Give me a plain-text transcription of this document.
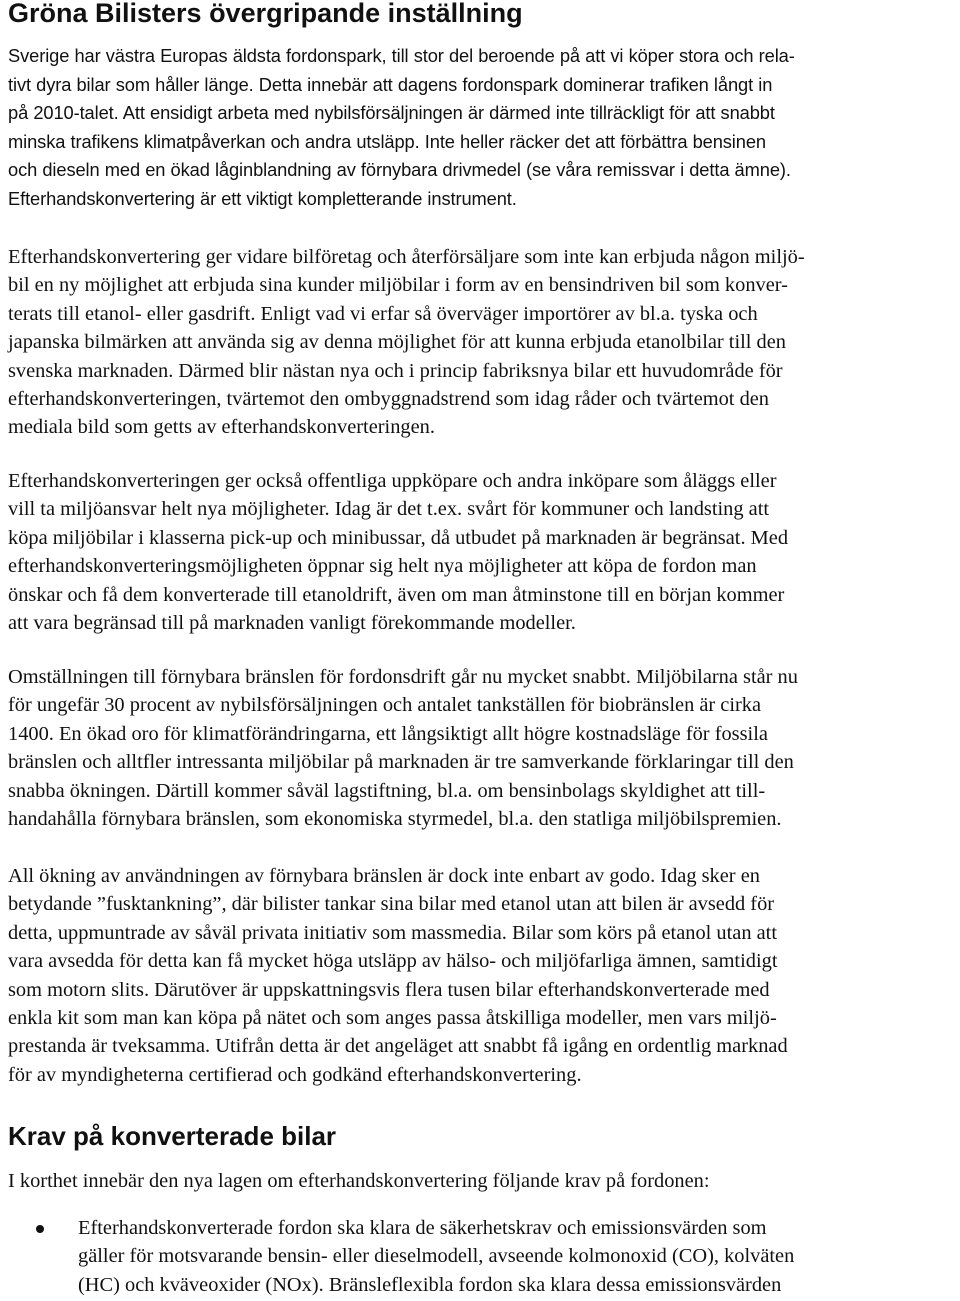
Gröna Bilisters övergripande inställning
Sverige har västra Europas äldsta fordonspark, till stor del beroende på att vi köper stora och rela-
tivt dyra bilar som håller länge. Detta innebär att dagens fordonspark dominerar trafiken långt in
på 2010-talet. Att ensidigt arbeta med nybilsförsäljningen är därmed inte tillräckligt för att snabbt
minska trafikens klimatpåverkan och andra utsläpp. Inte heller räcker det att förbättra bensinen
och dieseln med en ökad låginblandning av förnybara drivmedel (se våra remissvar i detta ämne).
Efterhandskonvertering är ett viktigt kompletterande instrument.
Efterhandskonvertering ger vidare bilföretag och återförsäljare som inte kan erbjuda någon miljö-
bil en ny möjlighet att erbjuda sina kunder miljöbilar i form av en bensindriven bil som konver-
terats till etanol- eller gasdrift. Enligt vad vi erfar så överväger importörer av bl.a. tyska och
japanska bilmärken att använda sig av denna möjlighet för att kunna erbjuda etanolbilar till den
svenska marknaden. Därmed blir nästan nya och i princip fabriksnya bilar ett huvudområde för
efterhandskonverteringen, tvärtemot den ombyggnadstrend som idag råder och tvärtemot den
mediala bild som getts av efterhandskonverteringen.
Efterhandskonverteringen ger också offentliga uppköpare och andra inköpare som åläggs eller
vill ta miljöansvar helt nya möjligheter. Idag är det t.ex. svårt för kommuner och landsting att
köpa miljöbilar i klasserna pick-up och minibussar, då utbudet på marknaden är begränsat. Med
efterhandskonverteringsmöjligheten öppnar sig helt nya möjligheter att köpa de fordon man
önskar och få dem konverterade till etanoldrift, även om man åtminstone till en början kommer
att vara begränsad till på marknaden vanligt förekommande modeller.
Omställningen till förnybara bränslen för fordonsdrift går nu mycket snabbt. Miljöbilarna står nu
för ungefär 30 procent av nybilsförsäljningen och antalet tankställen för biobränslen är cirka
1400. En ökad oro för klimatförändringarna, ett långsiktigt allt högre kostnadsläge för fossila
bränslen och alltfler intressanta miljöbilar på marknaden är tre samverkande förklaringar till den
snabba ökningen. Därtill kommer såväl lagstiftning, bl.a. om bensinbolags skyldighet att till-
handahålla förnybara bränslen, som ekonomiska styrmedel, bl.a. den statliga miljöbilspremien.
All ökning av användningen av förnybara bränslen är dock inte enbart av godo. Idag sker en
betydande ”fusktankning”, där bilister tankar sina bilar med etanol utan att bilen är avsedd för
detta, uppmuntrade av såväl privata initiativ som massmedia. Bilar som körs på etanol utan att
vara avsedda för detta kan få mycket höga utsläpp av hälso- och miljöfarliga ämnen, samtidigt
som motorn slits. Därutöver är uppskattningsvis flera tusen bilar efterhandskonverterade med
enkla kit som man kan köpa på nätet och som anges passa åtskilliga modeller, men vars miljö-
prestanda är tveksamma. Utifrån detta är det angeläget att snabbt få igång en ordentlig marknad
för av myndigheterna certifierad och godkänd efterhandskonvertering.
Krav på konverterade bilar
I korthet innebär den nya lagen om efterhandskonvertering följande krav på fordonen:
Efterhandskonverterade fordon ska klara de säkerhetskrav och emissionsvärden som
gäller för motsvarande bensin- eller dieselmodell, avseende kolmonoxid (CO), kolväten
(HC) och kväveoxider (NOx). Bränsleflexibla fordon ska klara dessa emissionsvärden
